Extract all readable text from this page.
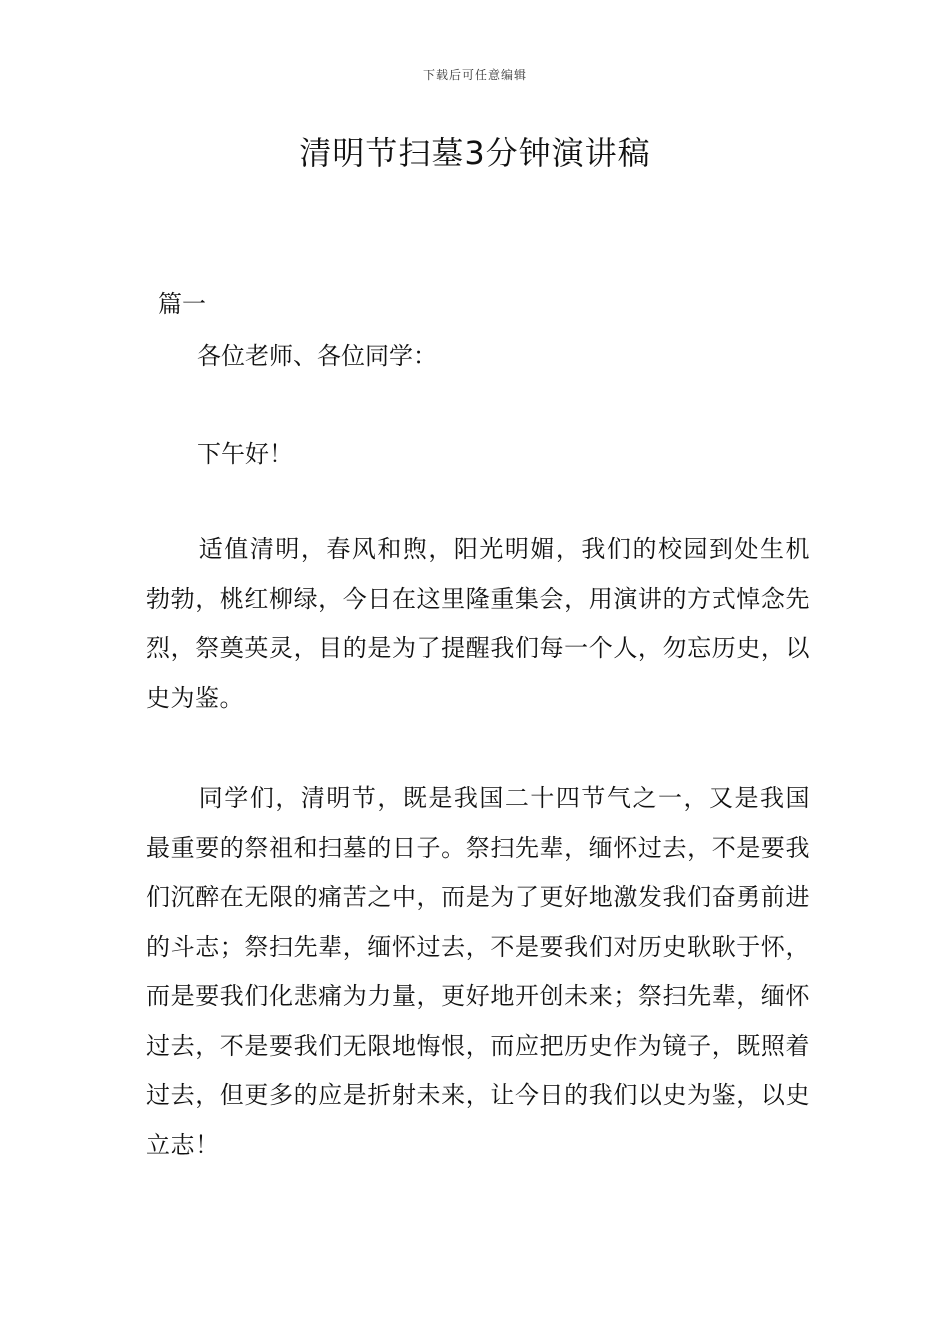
下载后可任意编辑
清明节扫墓3分钟演讲稿
篇一
各位老师、各位同学：
下午好！

适值清明，春风和煦，阳光明媚，我们的校园到处生机勃勃，桃红柳绿，今日在这里隆重集会，用演讲的方式悼念先烈，祭奠英灵，目的是为了提醒我们每一个人，勿忘历史，以史为鉴。

同学们，清明节，既是我国二十四节气之一，又是我国最重要的祭祖和扫墓的日子。祭扫先辈，缅怀过去，不是要我们沉醉在无限的痛苦之中，而是为了更好地激发我们奋勇前进的斗志；祭扫先辈，缅怀过去，不是要我们对历史耿耿于怀，而是要我们化悲痛为力量，更好地开创未来；祭扫先辈，缅怀过去，不是要我们无限地悔恨，而应把历史作为镜子，既照着过去，但更多的应是折射未来，让今日的我们以史为鉴，以史立志！
